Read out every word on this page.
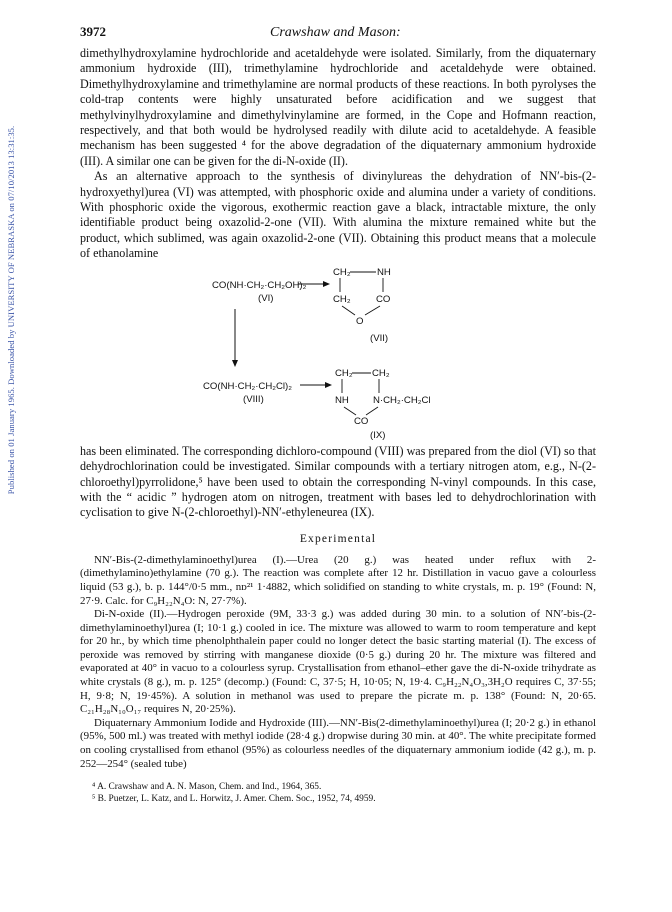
Published on 01 January 1965. Downloaded by UNIVERSITY OF NEBRASKA on 07/10/2013 13:31:35.
3972	Crawshaw and Mason:

dimethylhydroxylamine hydrochloride and acetaldehyde were isolated. Similarly, from the diquaternary ammonium hydroxide (III), trimethylamine hydrochloride and acetaldehyde were obtained. Dimethylhydroxylamine and trimethylamine are normal products of these reactions. In both pyrolyses the cold-trap contents were highly unsaturated before acidification and we suggest that methylvinylhydroxylamine and dimethylvinylamine are formed, in the Cope and Hofmann reaction, respectively, and that both would be hydrolysed readily with dilute acid to acetaldehyde. A feasible mechanism has been suggested ⁴ for the above degradation of the diquaternary ammonium hydroxide (III). A similar one can be given for the di-N-oxide (II).

As an alternative approach to the synthesis of divinylureas the dehydration of NN′-bis-(2-hydroxyethyl)urea (VI) was attempted, with phosphoric oxide and alumina under a variety of conditions. With phosphoric oxide the vigorous, exothermic reaction gave a black, intractable mixture, the only identifiable product being oxazolid-2-one (VII). With alumina the mixture remained white but the product, which sublimed, was again oxazolid-2-one (VII). Obtaining this product means that a molecule of ethanolamine

CO(NH·CH₂·CH₂OH)₂
(VI)
CH₂	NH
CH₂	CO
O
(VII)
CO(NH·CH₂·CH₂Cl)₂
(VIII)
CH₂ CH₂
NH	N·CH₂·CH₂Cl
CO
(IX)

has been eliminated. The corresponding dichloro-compound (VIII) was prepared from the diol (VI) so that dehydrochlorination could be investigated. Similar compounds with a tertiary nitrogen atom, e.g., N-(2-chloroethyl)pyrrolidone,⁵ have been used to obtain the corresponding N-vinyl compounds. In this case, with the “ acidic ” hydrogen atom on nitrogen, treatment with bases led to dehydrochlorination with cyclisation to give N-(2-chloroethyl)-NN′-ethyleneurea (IX).

Experimental

NN′-Bis-(2-dimethylaminoethyl)urea (I).—Urea (20 g.) was heated under reflux with 2-(dimethylamino)ethylamine (70 g.). The reaction was complete after 12 hr. Distillation in vacuo gave a colourless liquid (53 g.), b. p. 144°/0·5 mm., nᴅ²¹ 1·4882, which solidified on standing to white crystals, m. p. 19° (Found: N, 27·9. Calc. for C₉H₂₂N₄O: N, 27·7%).

Di-N-oxide (II).—Hydrogen peroxide (9M, 33·3 g.) was added during 30 min. to a solution of NN′-bis-(2-dimethylaminoethyl)urea (I; 10·1 g.) cooled in ice. The mixture was allowed to warm to room temperature and kept for 20 hr., by which time phenolphthalein paper could no longer detect the basic starting material (I). The excess of peroxide was removed by stirring with manganese dioxide (0·5 g.) during 20 hr. The mixture was filtered and evaporated at 40° in vacuo to a colourless syrup. Crystallisation from ethanol–ether gave the di-N-oxide trihydrate as white crystals (8 g.), m. p. 125° (decomp.) (Found: C, 37·5; H, 10·05; N, 19·4. C₉H₂₂N₄O₃,3H₂O requires C, 37·55; H, 9·8; N, 19·45%). A solution in methanol was used to prepare the picrate m. p. 138° (Found: N, 20·65. C₂₁H₂₈N₁₀O₁₇ requires N, 20·25%).

Diquaternary Ammonium Iodide and Hydroxide (III).—NN′-Bis(2-dimethylaminoethyl)urea (I; 20·2 g.) in ethanol (95%, 500 ml.) was treated with methyl iodide (28·4 g.) dropwise during 30 min. at 40°. The white precipitate formed on cooling crystallised from ethanol (95%) as colourless needles of the diquaternary ammonium iodide (42 g.), m. p. 252—254° (sealed tube)

⁴ A. Crawshaw and A. N. Mason, Chem. and Ind., 1964, 365.

⁵ B. Puetzer, L. Katz, and L. Horwitz, J. Amer. Chem. Soc., 1952, 74, 4959.
